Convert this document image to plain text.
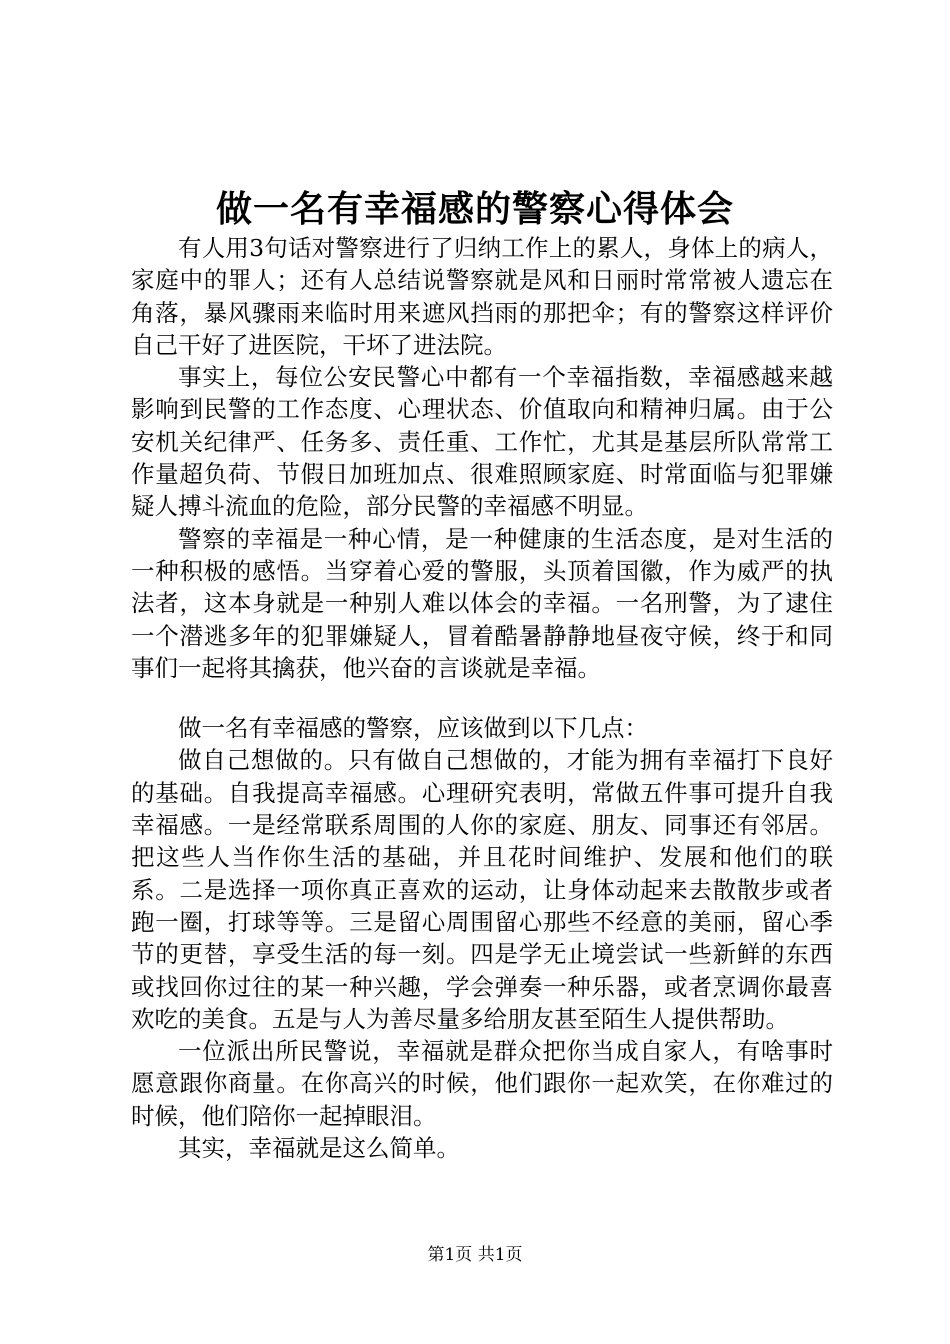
做一名有幸福感的警察心得体会

有人用3句话对警察进行了归纳工作上的累人，身体上的病人，家庭中的罪人；还有人总结说警察就是风和日丽时常常被人遗忘在角落，暴风骤雨来临时用来遮风挡雨的那把伞；有的警察这样评价自己干好了进医院，干坏了进法院。

事实上，每位公安民警心中都有一个幸福指数，幸福感越来越影响到民警的工作态度、心理状态、价值取向和精神归属。由于公安机关纪律严、任务多、责任重、工作忙，尤其是基层所队常常工作量超负荷、节假日加班加点、很难照顾家庭、时常面临与犯罪嫌疑人搏斗流血的危险，部分民警的幸福感不明显。

警察的幸福是一种心情，是一种健康的生活态度，是对生活的一种积极的感悟。当穿着心爱的警服，头顶着国徽，作为威严的执法者，这本身就是一种别人难以体会的幸福。一名刑警，为了逮住一个潜逃多年的犯罪嫌疑人，冒着酷暑静静地昼夜守候，终于和同事们一起将其擒获，他兴奋的言谈就是幸福。

做一名有幸福感的警察，应该做到以下几点：

做自己想做的。只有做自己想做的，才能为拥有幸福打下良好的基础。自我提高幸福感。心理研究表明，常做五件事可提升自我幸福感。一是经常联系周围的人你的家庭、朋友、同事还有邻居。把这些人当作你生活的基础，并且花时间维护、发展和他们的联系。二是选择一项你真正喜欢的运动，让身体动起来去散散步或者跑一圈，打球等等。三是留心周围留心那些不经意的美丽，留心季节的更替，享受生活的每一刻。四是学无止境尝试一些新鲜的东西或找回你过往的某一种兴趣，学会弹奏一种乐器，或者烹调你最喜欢吃的美食。五是与人为善尽量多给朋友甚至陌生人提供帮助。

一位派出所民警说，幸福就是群众把你当成自家人，有啥事时愿意跟你商量。在你高兴的时候，他们跟你一起欢笑，在你难过的时候，他们陪你一起掉眼泪。

其实，幸福就是这么简单。

第1页 共1页
